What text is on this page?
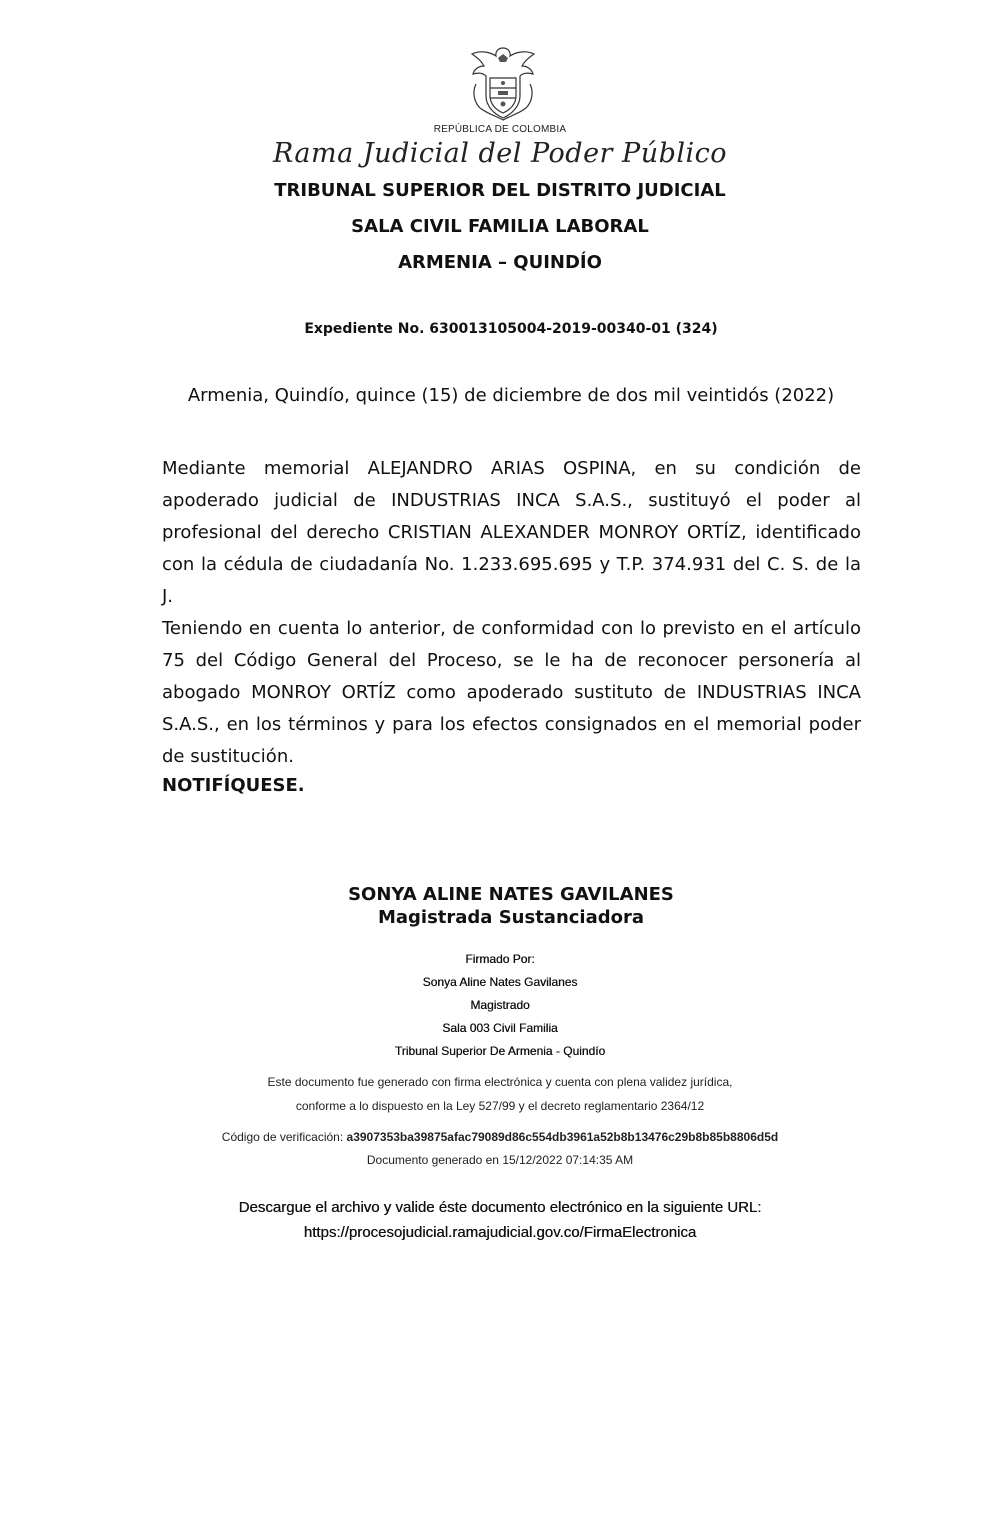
REPÚBLICA DE COLOMBIA
Rama Judicial del Poder Público
TRIBUNAL SUPERIOR DEL DISTRITO JUDICIAL
SALA CIVIL FAMILIA LABORAL
ARMENIA – QUINDÍO
Expediente No. 630013105004-2019-00340-01 (324)
Armenia, Quindío, quince (15) de diciembre de dos mil veintidós (2022)
Mediante memorial ALEJANDRO ARIAS OSPINA, en su condición de apoderado judicial de INDUSTRIAS INCA S.A.S., sustituyó el poder al profesional del derecho CRISTIAN ALEXANDER MONROY ORTÍZ, identificado con la cédula de ciudadanía No. 1.233.695.695 y T.P. 374.931 del C. S. de la J.
Teniendo en cuenta lo anterior, de conformidad con lo previsto en el artículo 75 del Código General del Proceso, se le ha de reconocer personería al abogado MONROY ORTÍZ como apoderado sustituto de INDUSTRIAS INCA S.A.S., en los términos y para los efectos consignados en el memorial poder de sustitución.
NOTIFÍQUESE.
SONYA ALINE NATES GAVILANES
Magistrada Sustanciadora
Firmado Por:
Sonya Aline Nates Gavilanes
Magistrado
Sala 003 Civil Familia
Tribunal Superior De Armenia - Quindío
Este documento fue generado con firma electrónica y cuenta con plena validez jurídica,
conforme a lo dispuesto en la Ley 527/99 y el decreto reglamentario 2364/12
Código de verificación: a3907353ba39875afac79089d86c554db3961a52b8b13476c29b8b85b8806d5d
Documento generado en 15/12/2022 07:14:35 AM
Descargue el archivo y valide éste documento electrónico en la siguiente URL:
https://procesojudicial.ramajudicial.gov.co/FirmaElectronica
